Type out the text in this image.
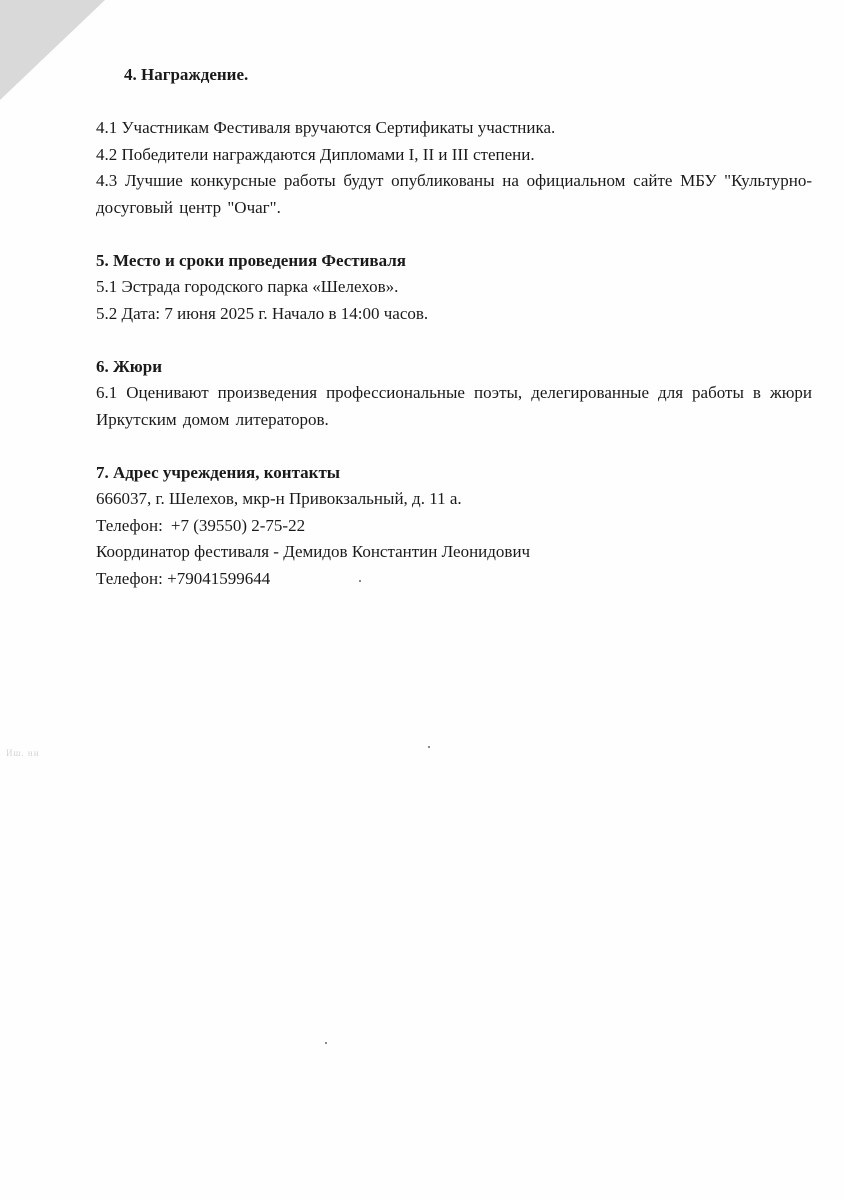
4. Награждение.

4.1 Участникам Фестиваля вручаются Сертификаты участника.

4.2 Победители награждаются Дипломами I, II и III степени.

4.3 Лучшие конкурсные работы будут опубликованы на официальном сайте МБУ "Культурно-досуговый центр "Очаг".

5. Место и сроки проведения Фестиваля

5.1 Эстрада городского парка «Шелехов».

5.2 Дата: 7 июня 2025 г. Начало в 14:00 часов.

6. Жюри

6.1 Оценивают произведения профессиональные поэты, делегированные для работы в жюри Иркутским домом литераторов.

7. Адрес учреждения, контакты

666037, г. Шелехов, мкр-н Привокзальный, д. 11 а.

Телефон: +7 (39550) 2-75-22

Координатор фестиваля - Демидов Константин Леонидович

Телефон: +79041599644

Иш. ни
